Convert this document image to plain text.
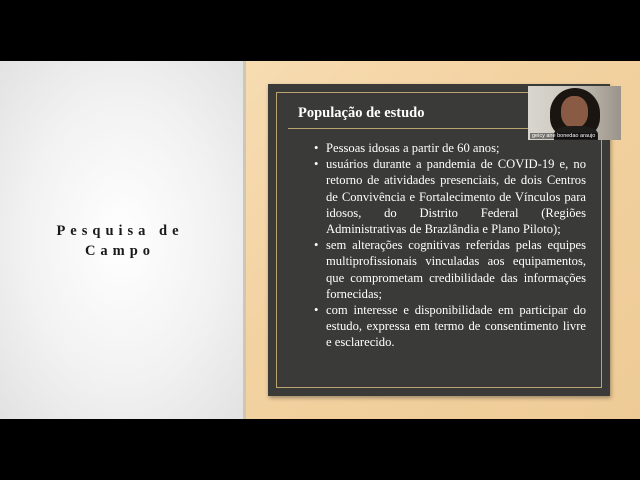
Pesquisa de
Campo
População de estudo
• Pessoas idosas a partir de 60 anos;
• usuários durante a pandemia de COVID-19 e, no retorno de atividades presenciais, de dois Centros de Convivência e Fortalecimento de Vínculos para idosos, do Distrito Federal (Regiões Administrativas de Brazlândia e Plano Piloto);
• sem alterações cognitivas referidas pelas equipes multiprofissionais vinculadas aos equipamentos, que comprometam credibilidade das informações fornecidas;
• com interesse e disponibilidade em participar do estudo, expressa em termo de consentimento livre e esclarecido.
geicy ane bonedao araujo
